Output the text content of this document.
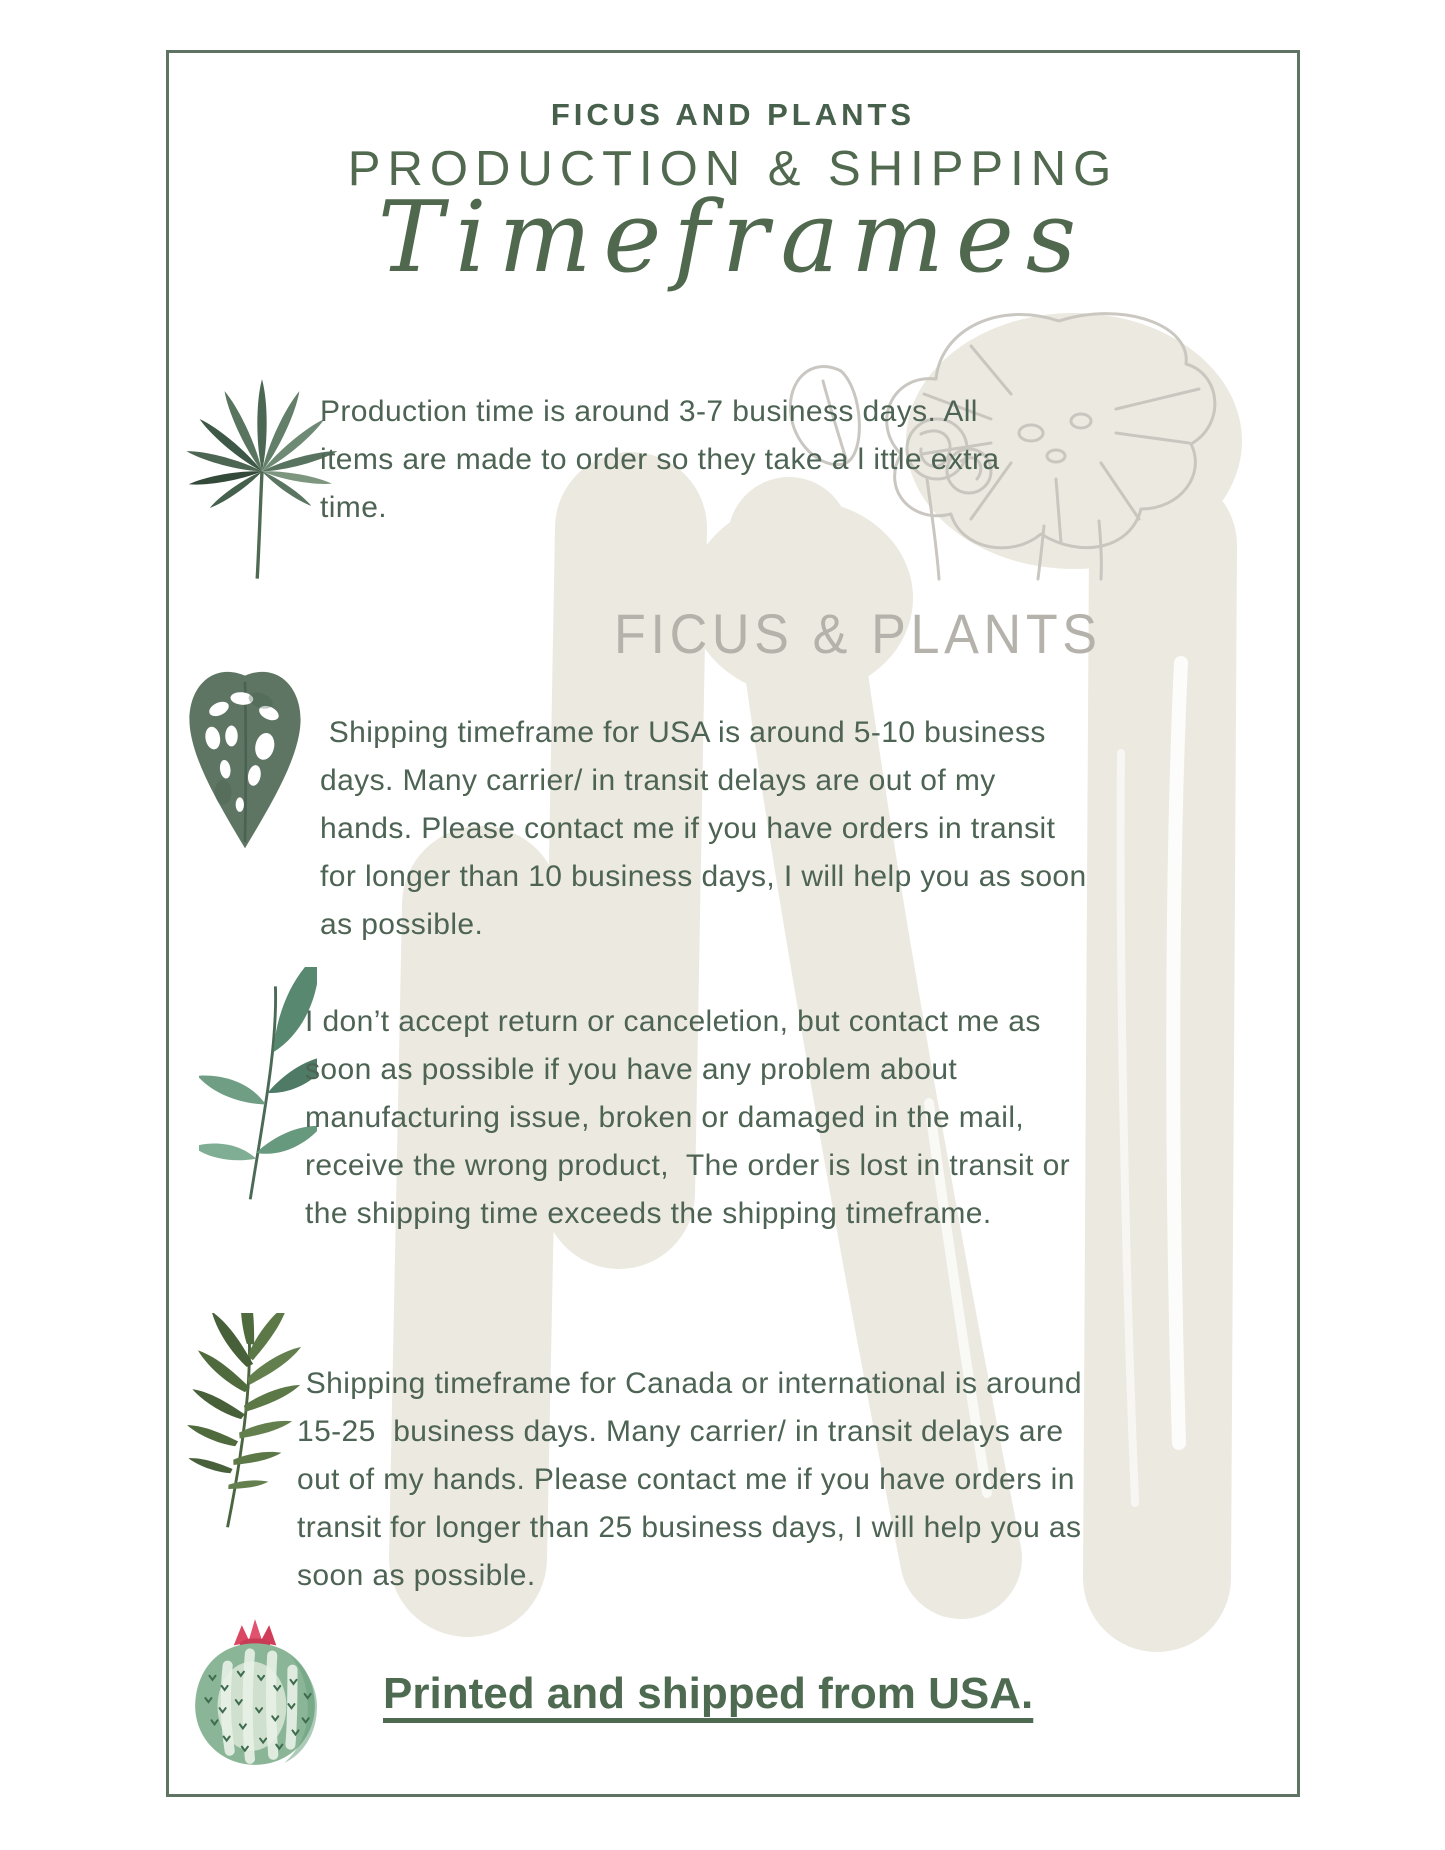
FICUS & PLANTS
FICUS AND PLANTS
PRODUCTION & SHIPPING
Timeframes

Production time is around 3-7 business days. All items are made to order so they take a l ittle extra time.

Shipping timeframe for USA is around 5-10 business days. Many carrier/ in transit delays are out of my hands. Please contact me if you have orders in transit for longer than 10 business days, I will help you as soon as possible.

I don’t accept return or canceletion, but contact me as soon as possible if you have any problem about manufacturing issue, broken or damaged in the mail, receive the wrong product,  The order is lost in transit or the shipping time exceeds the shipping timeframe.

Shipping timeframe for Canada or international is around 15-25  business days. Many carrier/ in transit delays are out of my hands. Please contact me if you have orders in transit for longer than 25 business days, I will help you as soon as possible.

Printed and shipped from USA.
